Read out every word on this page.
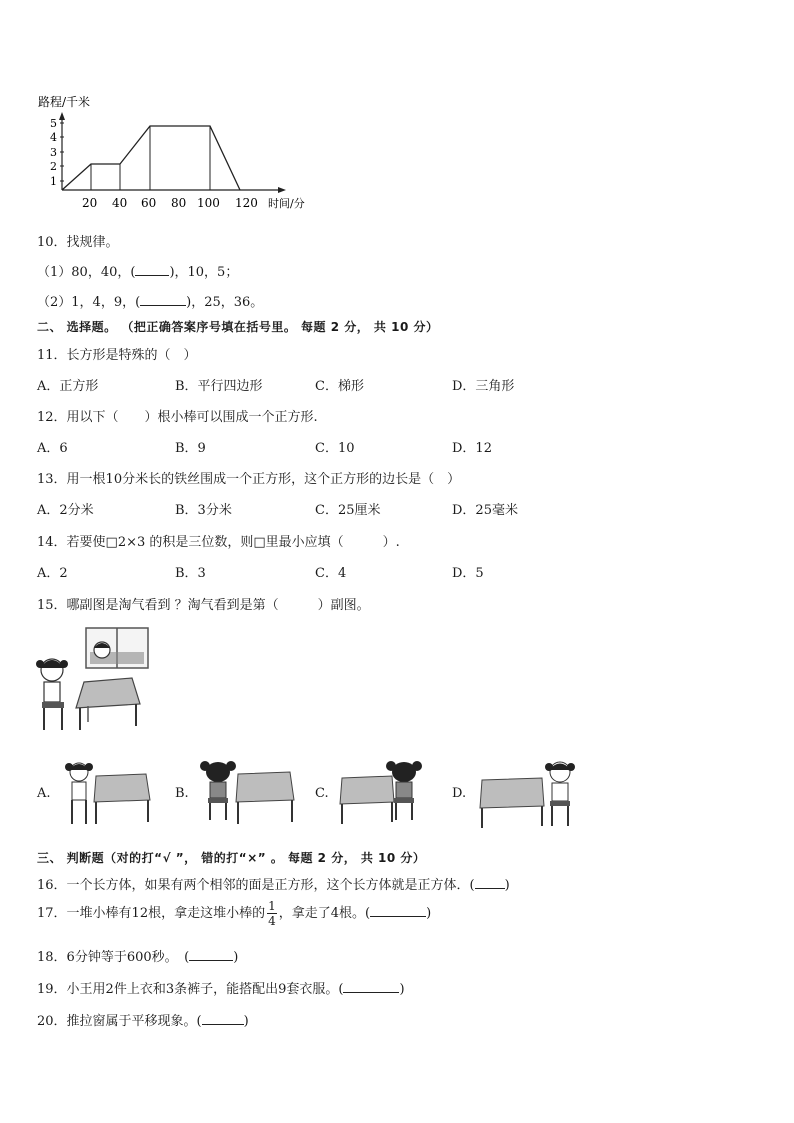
路程/千米
1
2
3
4
5
20 40 60 80 100 120 时间/分
10．找规律。
（1）80，40，(	)，10，5；
（2）1，4，9，(	)，25，36。
二、 选择题。 （把正确答案序号填在括号里。 每题 2 分， 共 10 分）
11．长方形是特殊的（　）
A．正方形	B．平行四边形	C．梯形	D．三角形
12．用以下（　　）根小棒可以围成一个正方形.
A．6	B．9	C．10	D．12
13．用一根10分米长的铁丝围成一个正方形，这个正方形的边长是（　）
A．2分米	B．3分米	C．25厘米	D．25毫米
14．若要使□2×3 的积是三位数，则□里最小应填（　　　）.
A．2	B．3	C．4	D．5
15．哪副图是淘气看到 ？淘气看到是第（　　　）副图。
A.	B.	C.	D.
三、 判断题（对的打“√ ”， 错的打“×” 。 每题 2 分， 共 10 分）
16．一个长方体，如果有两个相邻的面是正方形，这个长方体就是正方体．( )
17．一堆小棒有12根，拿走这堆小棒的 $\frac{1}{4}$ ，拿走了4根。(	)
18．6分钟等于600秒。　(	)
19．小王用2件上衣和3条裤子，能搭配出9套衣服。(	)
20．推拉窗属于平移现象。(	)
